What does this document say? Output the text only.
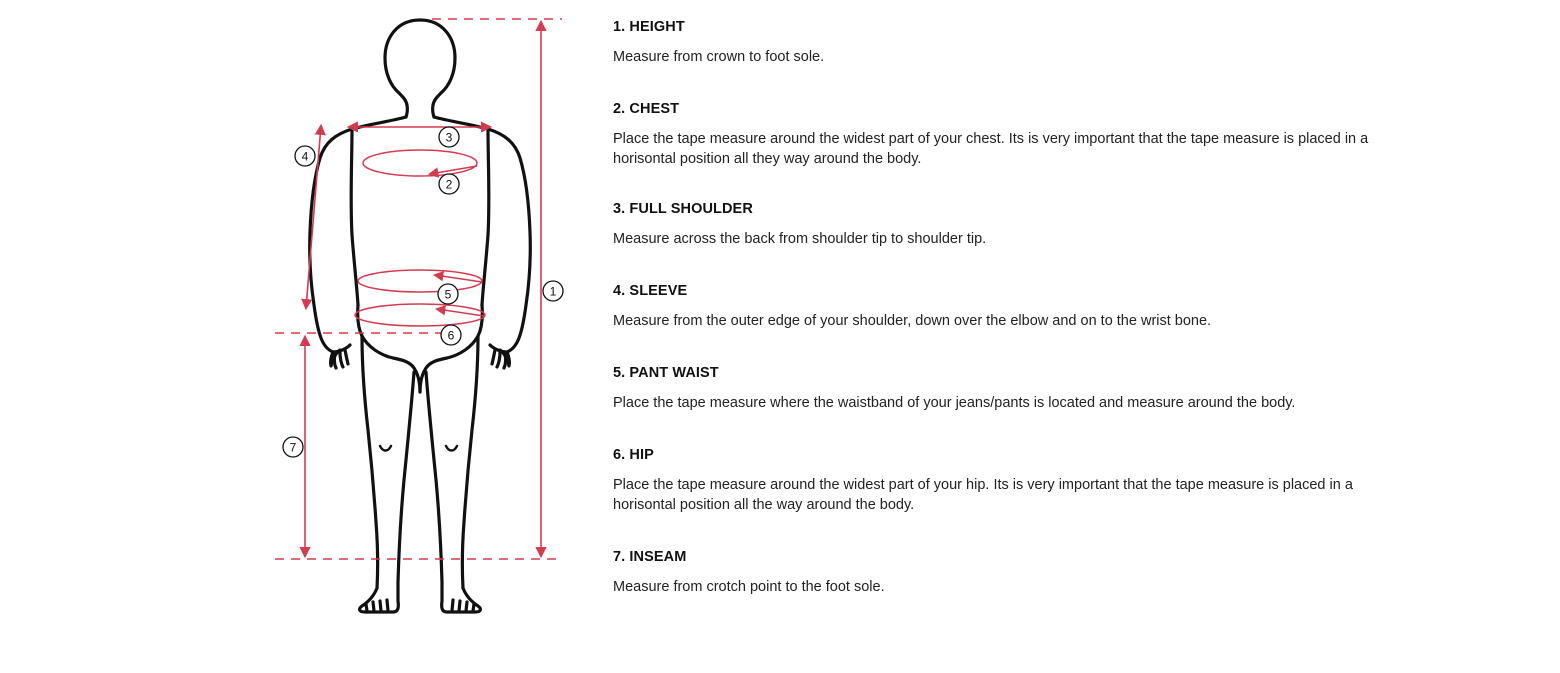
1
2
3
4
5
6
7

1. HEIGHT

Measure from crown to foot sole.

2. CHEST

Place the tape measure around the widest part of your chest. Its is very important that the tape measure is placed in a horisontal position all they way around the body.

3. FULL SHOULDER

Measure across the back from shoulder tip to shoulder tip.

4. SLEEVE

Measure from the outer edge of your shoulder, down over the elbow and on to the wrist bone.

5. PANT WAIST

Place the tape measure where the waistband of your jeans/pants is located and measure around the body.

6. HIP

Place the tape measure around the widest part of your hip. Its is very important that the tape measure is placed in a horisontal position all the way around the body.

7. INSEAM

Measure from crotch point to the foot sole.
